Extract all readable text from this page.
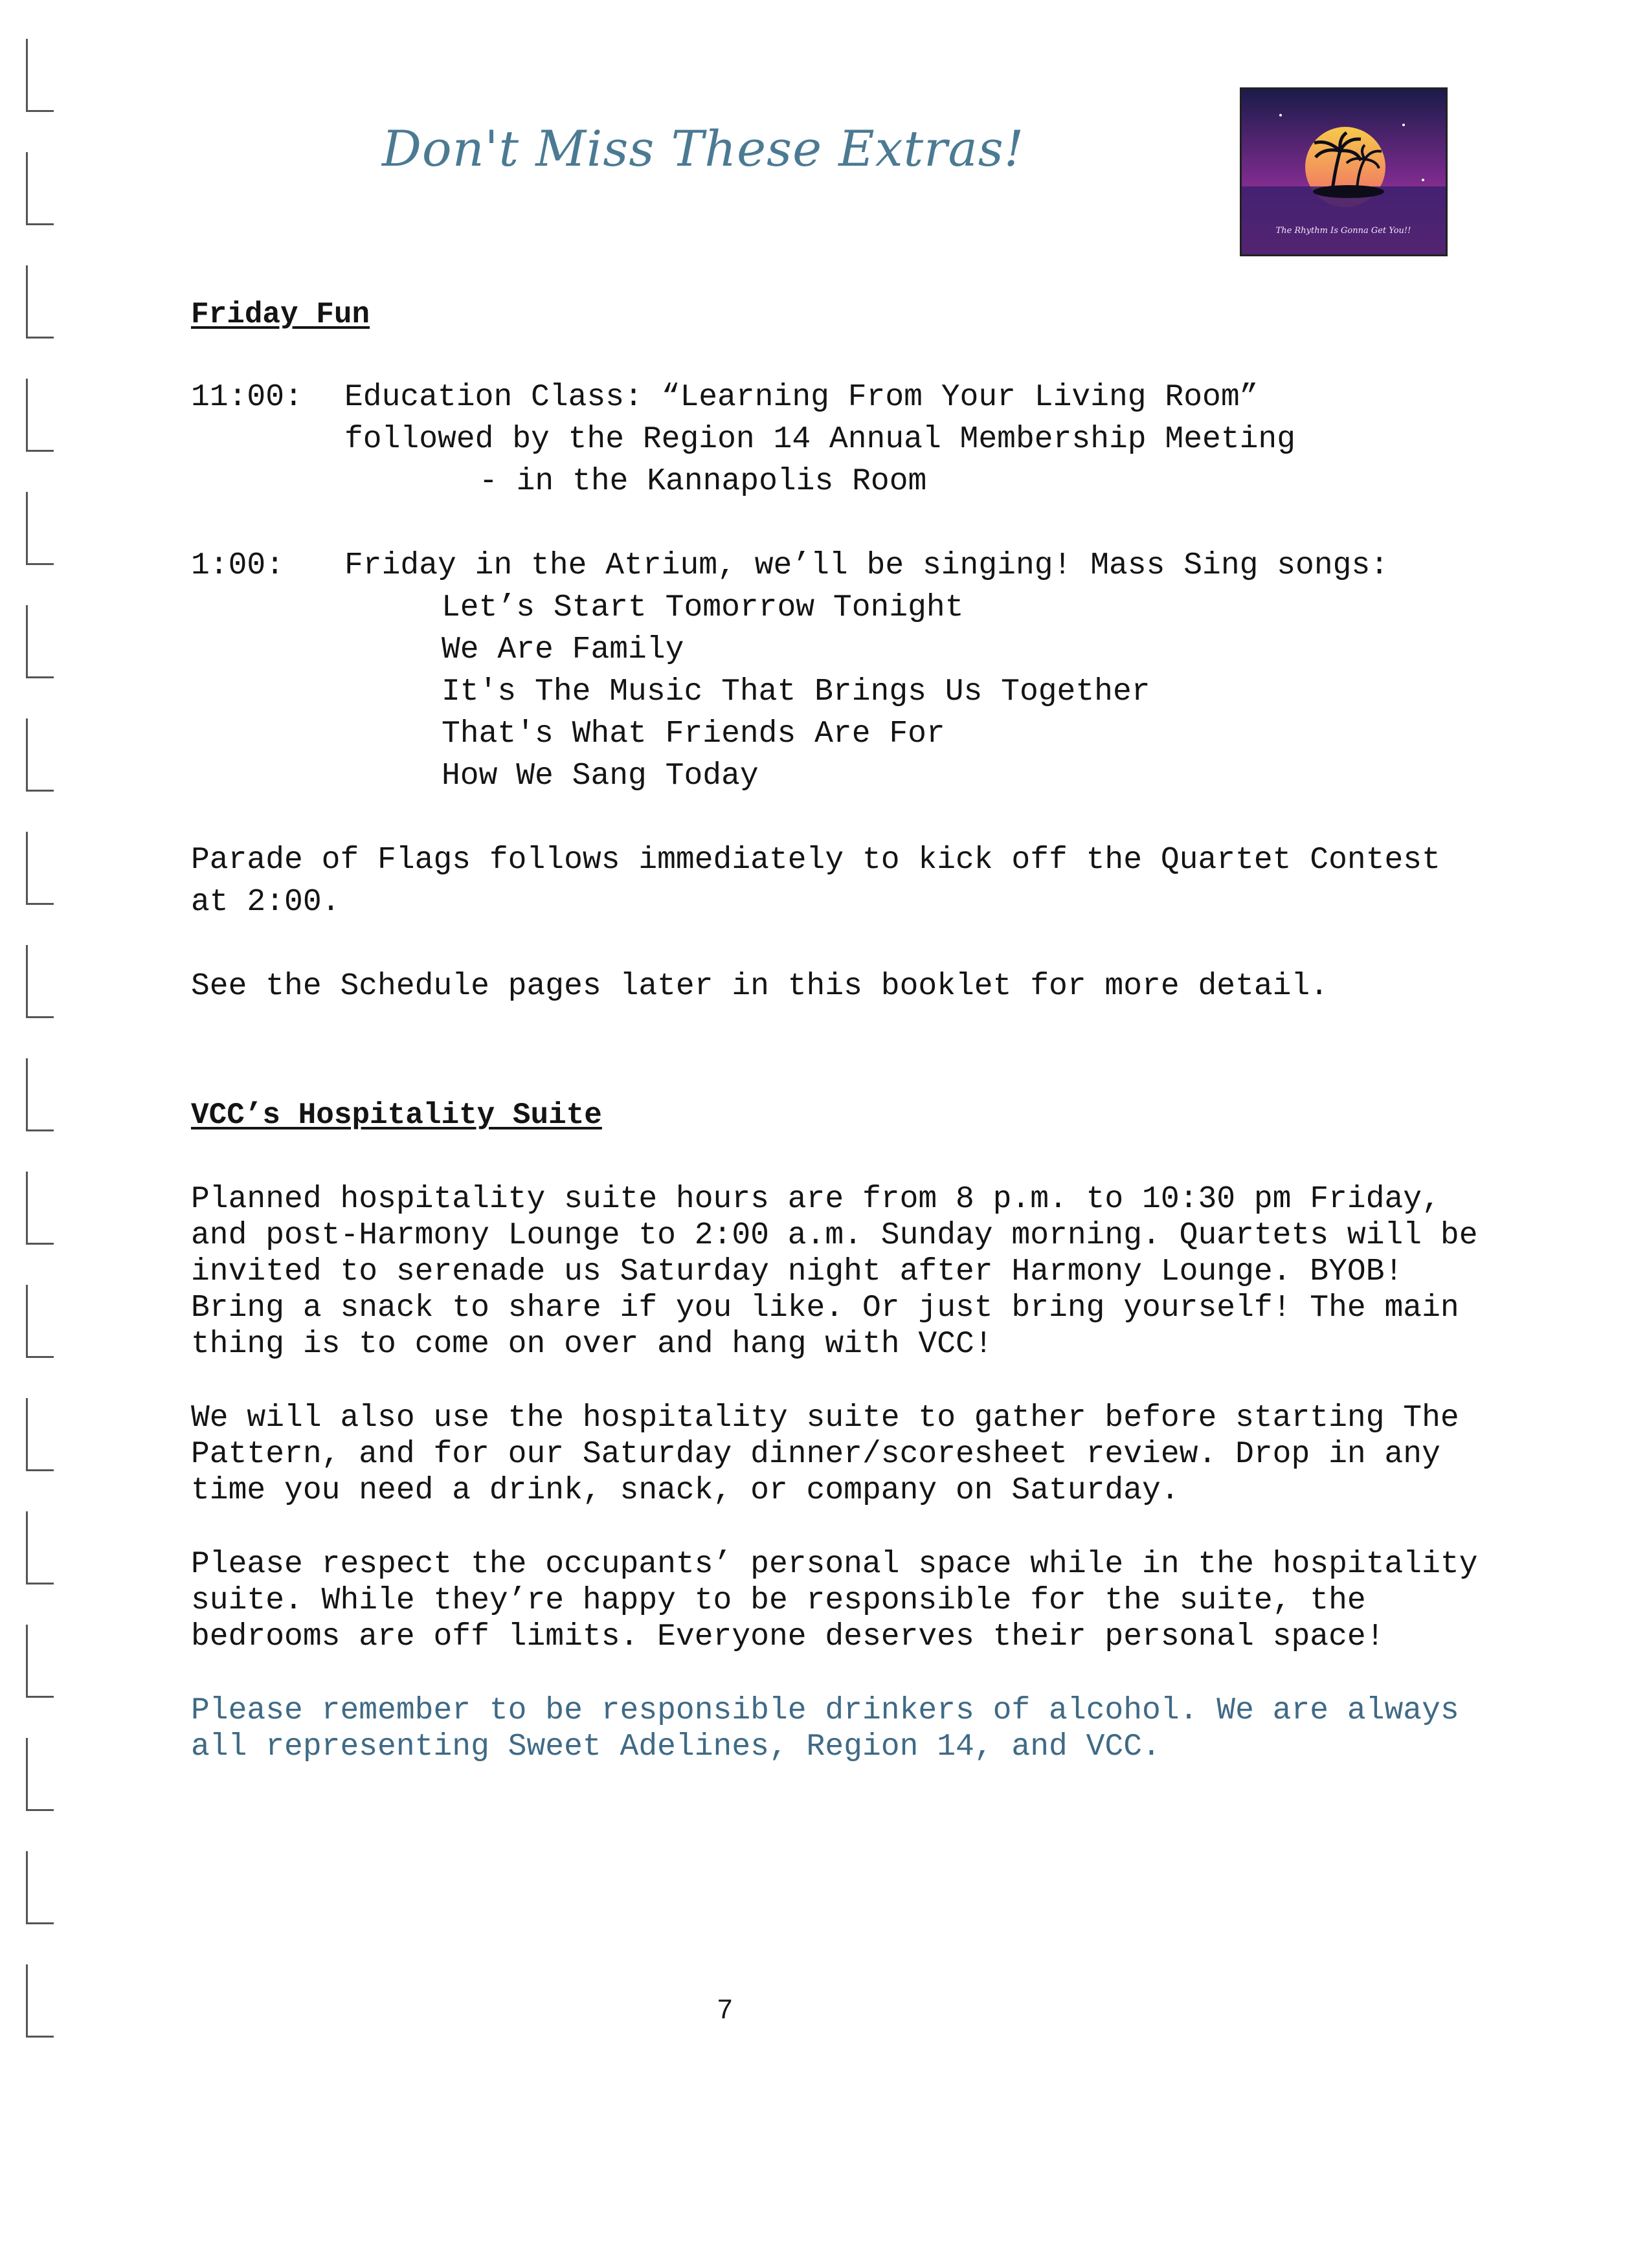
Don't Miss These Extras!
The Rhythm Is Gonna Get You!!
Friday Fun
11:00: Education Class: “Learning From Your Living Room”
followed by the Region 14 Annual Membership Meeting
- in the Kannapolis Room
1:00: Friday in the Atrium, we’ll be singing! Mass Sing songs:
Let’s Start Tomorrow Tonight
We Are Family
It's The Music That Brings Us Together
That's What Friends Are For
How We Sang Today
Parade of Flags follows immediately to kick off the Quartet Contest
at 2:00.
See the Schedule pages later in this booklet for more detail.
VCC’s Hospitality Suite
Planned hospitality suite hours are from 8 p.m. to 10:30 pm Friday,
and post-Harmony Lounge to 2:00 a.m. Sunday morning. Quartets will be
invited to serenade us Saturday night after Harmony Lounge. BYOB!
Bring a snack to share if you like. Or just bring yourself! The main
thing is to come on over and hang with VCC!
We will also use the hospitality suite to gather before starting The
Pattern, and for our Saturday dinner/scoresheet review. Drop in any
time you need a drink, snack, or company on Saturday.
Please respect the occupants’ personal space while in the hospitality
suite. While they’re happy to be responsible for the suite, the
bedrooms are off limits. Everyone deserves their personal space!
Please remember to be responsible drinkers of alcohol. We are always
all representing Sweet Adelines, Region 14, and VCC.
7
